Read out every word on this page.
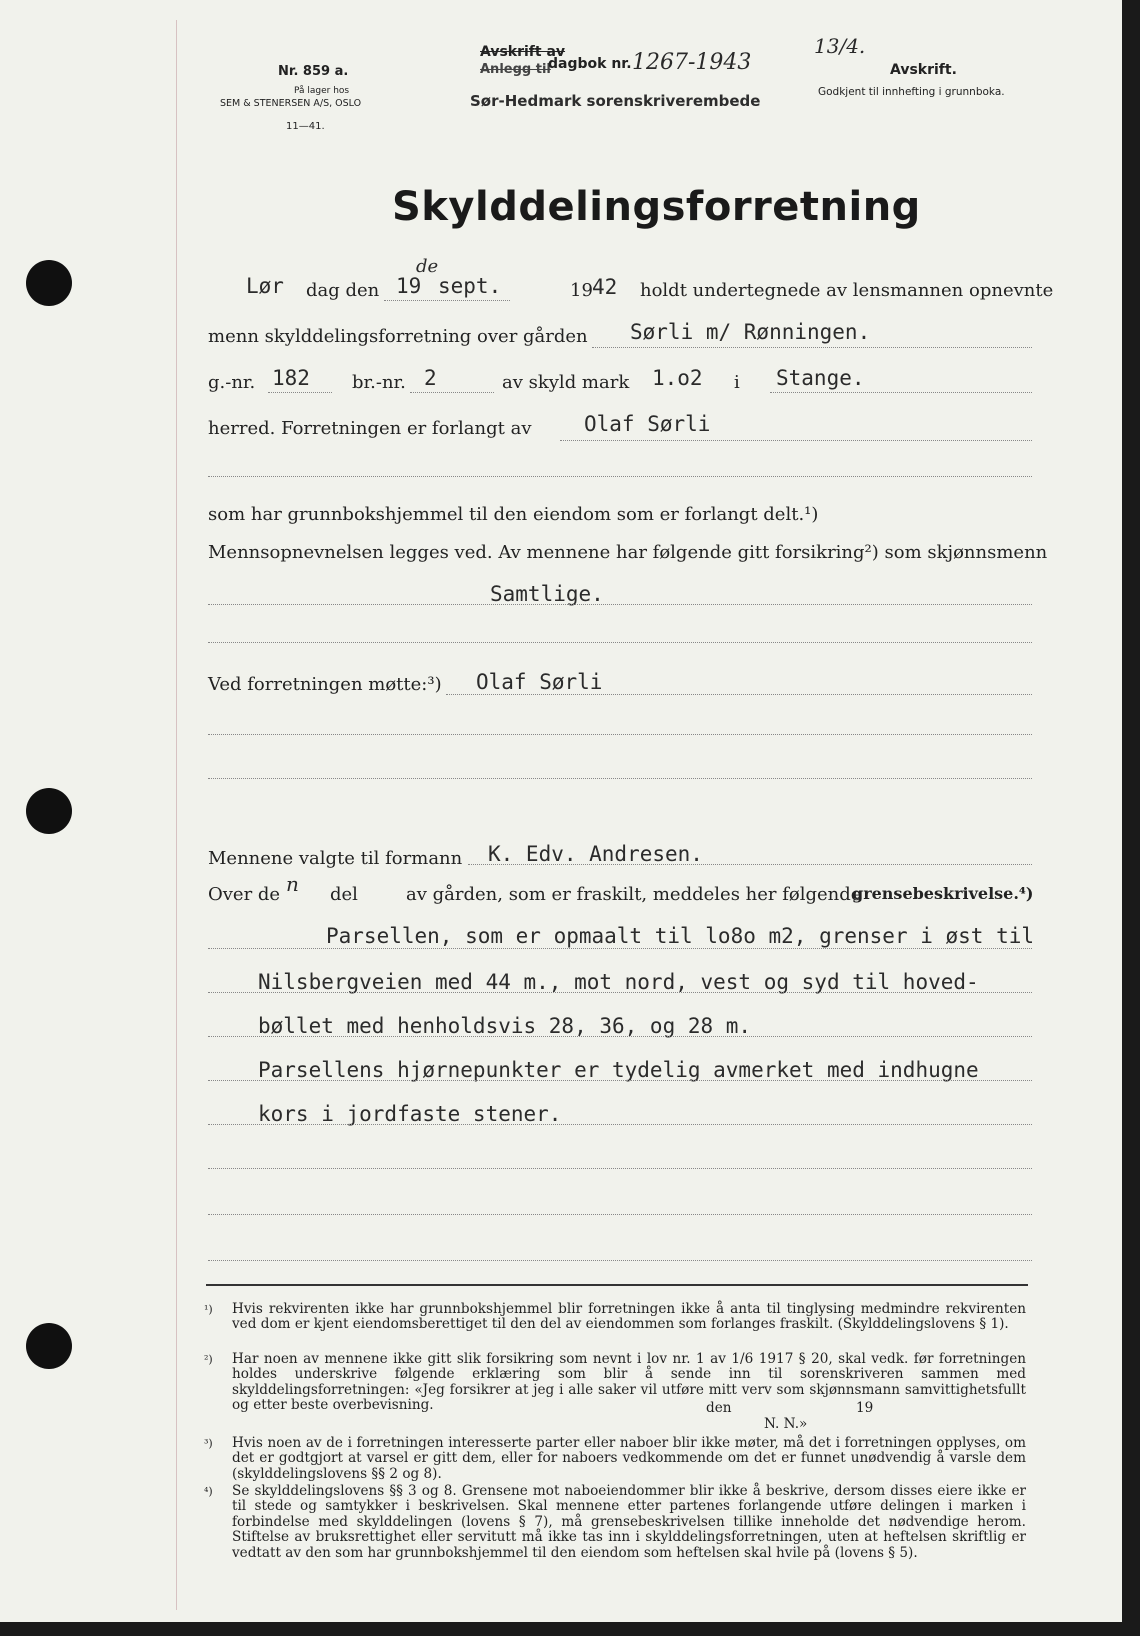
Nr. 859 a.
På lager hos
SEM & STENERSEN A/S, OSLO
11—41.
Avskrift av
Anlegg til
dagbok nr. 1267-1943
13/4.
Sør-Hedmark sorenskriverembede
Avskrift.
Godkjent til innhefting i grunnboka.
Skylddelingsforretning
Lør dag den 19
de
sept.	19 42 holdt undertegnede av lensmannen opnevnte
menn skylddelingsforretning over gården Sørli m/ Rønningen.
g.-nr. 182 br.-nr. 2	av skyld mark 1.o2 i Stange.
herred. Forretningen er forlangt av	Olaf Sørli
som har grunnbokshjemmel til den eiendom som er forlangt delt.¹)
Mennsopnevnelsen legges ved. Av mennene har følgende gitt forsikring²) som skjønnsmenn
Samtlige.
Ved forretningen møtte:³) Olaf Sørli
Mennene valgte til formann K. Edv. Andresen.
Over de n del	av gården, som er fraskilt, meddeles her følgende
grensebeskrivelse.⁴)
Parsellen, som er opmaalt til lo8o m2, grenser i øst til
Nilsbergveien med 44 m., mot nord, vest og syd til hoved-
bøllet med henholdsvis 28, 36, og 28 m.
Parsellens hjørnepunkter er tydelig avmerket med indhugne
kors i jordfaste stener.
¹) Hvis rekvirenten ikke har grunnbokshjemmel blir forretningen ikke å anta til tinglysing medmindre rekvirenten ved dom er kjent eiendomsberettiget til den del av eiendommen som forlanges fraskilt. (Skylddelingslovens § 1).
²) Har noen av mennene ikke gitt slik forsikring som nevnt i lov nr. 1 av 1/6 1917 § 20, skal vedk. før forretningen holdes underskrive følgende erklæring som blir å sende inn til sorenskriveren sammen med skylddelingsforretningen: «Jeg forsikrer at jeg i alle saker vil utføre mitt verv som skjønnsmann samvittighetsfullt og etter beste overbevisning.	den	19
N. N.»
³) Hvis noen av de i forretningen interesserte parter eller naboer blir ikke møter, må det i forretningen opplyses, om det er godtgjort at varsel er gitt dem, eller for naboers vedkommende om det er funnet unødvendig å varsle dem (skylddelingslovens §§ 2 og 8).
⁴) Se skylddelingslovens §§ 3 og 8. Grensene mot naboeiendommer blir ikke å beskrive, dersom disses eiere ikke er til stede og samtykker i beskrivelsen. Skal mennene etter partenes forlangende utføre delingen i marken i forbindelse med skylddelingen (lovens § 7), må grensebeskrivelsen tillike inneholde det nødvendige herom. Stiftelse av bruksrettighet eller servitutt må ikke tas inn i skylddelingsforretningen, uten at heftelsen skriftlig er vedtatt av den som har grunnbokshjemmel til den eiendom som heftelsen skal hvile på (lovens § 5).
